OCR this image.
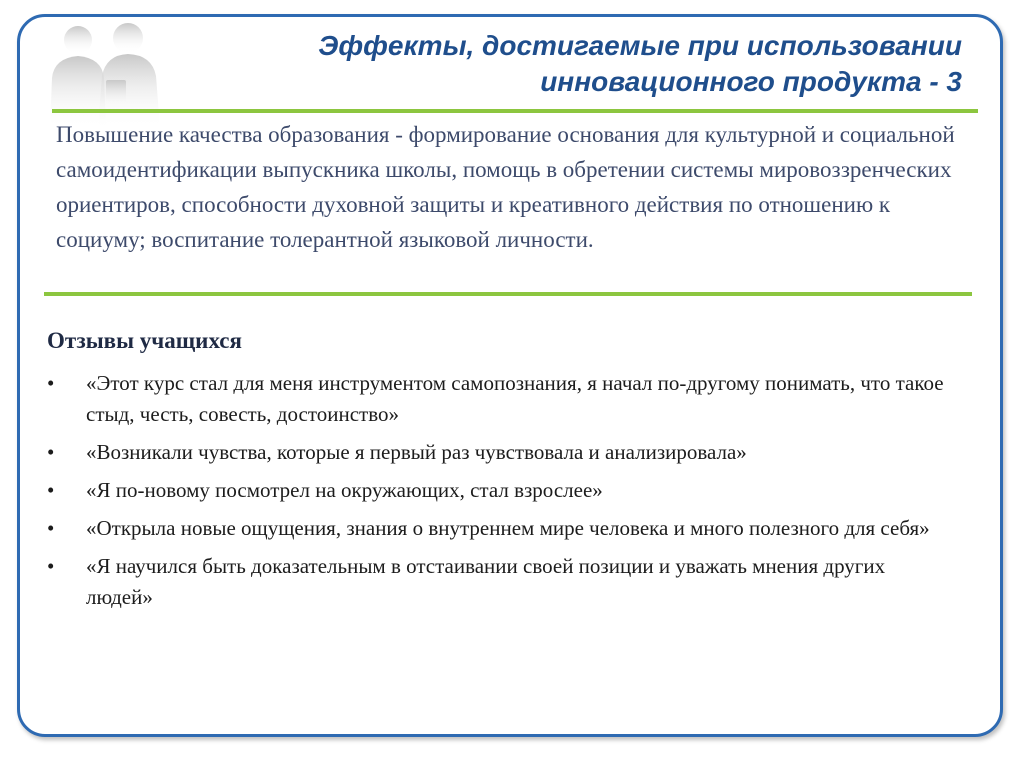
Эффекты, достигаемые при использовании
инновационного продукта - 3

Повышение качества образования - формирование основания для культурной и социальной самоидентификации выпускника школы, помощь в обретении системы мировоззренческих ориентиров, способности духовной защиты и креативного действия по отношению к социуму; воспитание толерантной языковой личности.

Отзывы учащихся
•	«Этот курс стал для меня инструментом самопознания, я начал по-другому понимать, что такое стыд, честь, совесть, достоинство»
•	«Возникали чувства, которые я первый раз чувствовала и анализировала»
•	«Я по-новому посмотрел на окружающих, стал взрослее»
•	«Открыла новые ощущения, знания о внутреннем мире человека и много полезного для себя»
•	«Я научился быть доказательным в отстаивании своей позиции и уважать мнения других людей»
